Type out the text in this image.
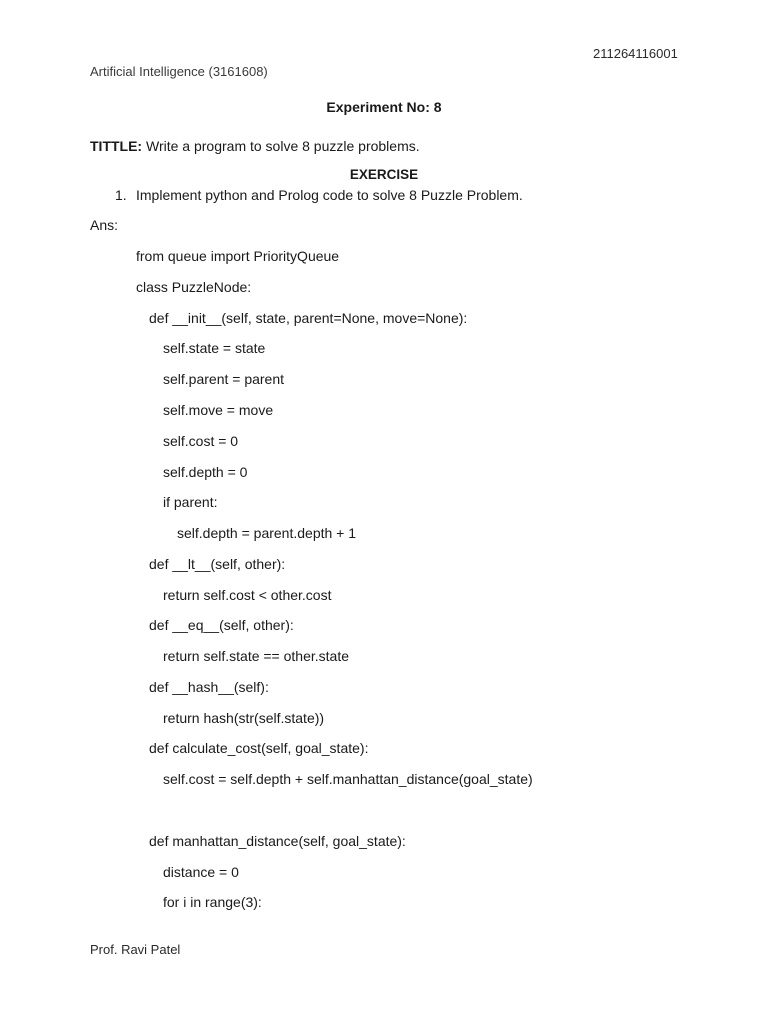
211264116001
Artificial Intelligence (3161608)
Experiment No: 8
TITTLE: Write a program to solve 8 puzzle problems.
EXERCISE
1. Implement python and Prolog code to solve 8 Puzzle Problem.
Ans:
from queue import PriorityQueue
class PuzzleNode:
def __init__(self, state, parent=None, move=None):
self.state = state
self.parent = parent
self.move = move
self.cost = 0
self.depth = 0
if parent:
self.depth = parent.depth + 1
def __lt__(self, other):
return self.cost < other.cost
def __eq__(self, other):
return self.state == other.state
def __hash__(self):
return hash(str(self.state))
def calculate_cost(self, goal_state):
self.cost = self.depth + self.manhattan_distance(goal_state)
def manhattan_distance(self, goal_state):
distance = 0
for i in range(3):
Prof. Ravi Patel
